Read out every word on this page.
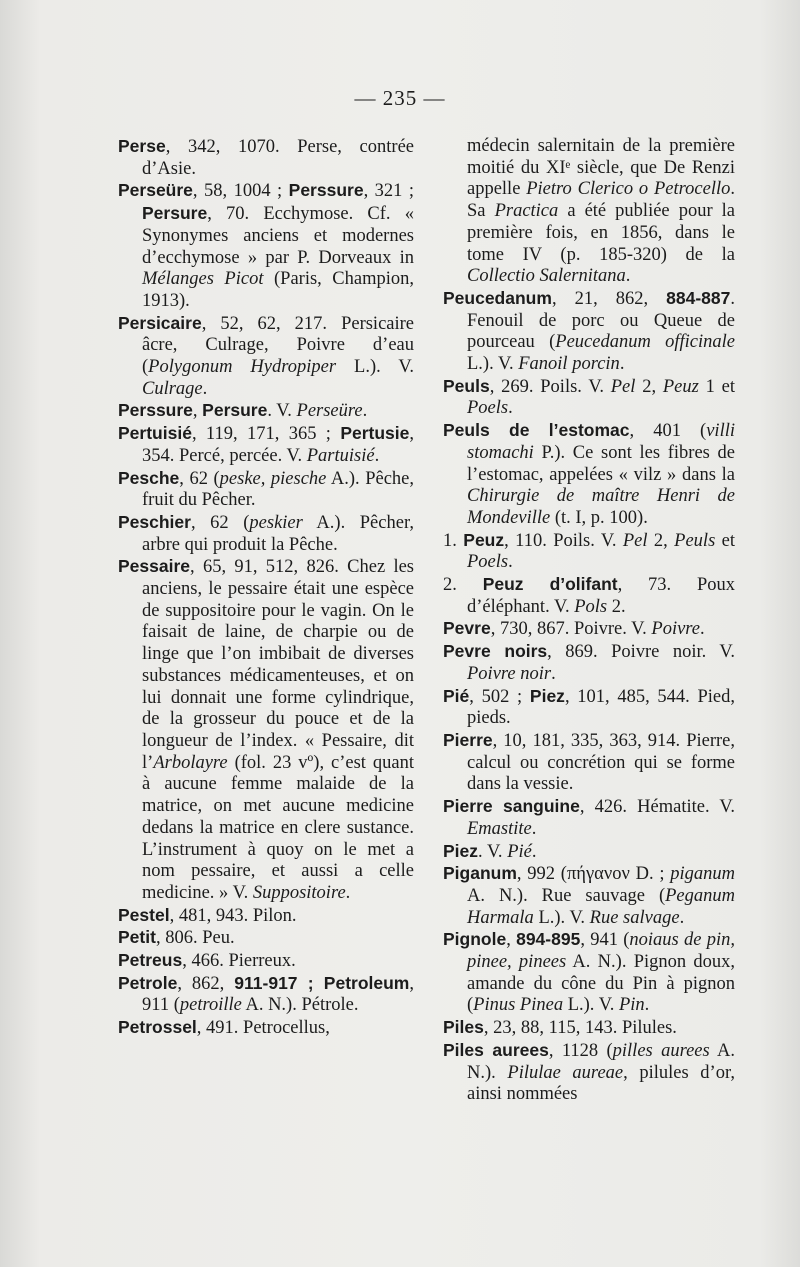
— 235 —

Perse, 342, 1070. Perse, contrée d’Asie.

Perseüre, 58, 1004 ; Perssure, 321 ; Persure, 70. Ecchymose. Cf. « Synonymes anciens et modernes d’ecchymose » par P. Dorveaux in Mélanges Picot (Paris, Champion, 1913).

Persicaire, 52, 62, 217. Persicaire âcre, Culrage, Poivre d’eau (Polygonum Hydropiper L.). V. Culrage.

Perssure, Persure. V. Perseüre.

Pertuisié, 119, 171, 365 ; Pertusie, 354. Percé, percée. V. Partuisié.

Pesche, 62 (peske, piesche A.). Pêche, fruit du Pêcher.

Peschier, 62 (peskier A.). Pêcher, arbre qui produit la Pêche.

Pessaire, 65, 91, 512, 826. Chez les anciens, le pessaire était une espèce de suppositoire pour le vagin. On le faisait de laine, de charpie ou de linge que l’on imbibait de diverses substances médicamenteuses, et on lui donnait une forme cylindrique, de la grosseur du pouce et de la longueur de l’index. « Pessaire, dit l’Arbolayre (fol. 23 vº), c’est quant à aucune femme malaide de la matrice, on met aucune medicine dedans la matrice en clere sustance. L’instrument à quoy on le met a nom pessaire, et aussi a celle medicine. » V. Suppositoire.

Pestel, 481, 943. Pilon.

Petit, 806. Peu.

Petreus, 466. Pierreux.

Petrole, 862, 911-917 ; Petroleum, 911 (petroille A. N.). Pétrole.

Petrossel, 491. Petrocellus,

médecin salernitain de la première moitié du XIᵉ siècle, que De Renzi appelle Pietro Clerico o Petrocello. Sa Practica a été publiée pour la première fois, en 1856, dans le tome IV (p. 185-320) de la Collectio Salernitana.

Peucedanum, 21, 862, 884-887. Fenouil de porc ou Queue de pourceau (Peucedanum officinale L.). V. Fanoil porcin.

Peuls, 269. Poils. V. Pel 2, Peuz 1 et Poels.

Peuls de l’estomac, 401 (villi stomachi P.). Ce sont les fibres de l’estomac, appelées « vilz » dans la Chirurgie de maître Henri de Mondeville (t. I, p. 100).

1. Peuz, 110. Poils. V. Pel 2, Peuls et Poels.

2. Peuz d’olifant, 73. Poux d’éléphant. V. Pols 2.

Pevre, 730, 867. Poivre. V. Poivre.

Pevre noirs, 869. Poivre noir. V. Poivre noir.

Pié, 502 ; Piez, 101, 485, 544. Pied, pieds.

Pierre, 10, 181, 335, 363, 914. Pierre, calcul ou concrétion qui se forme dans la vessie.

Pierre sanguine, 426. Hématite. V. Emastite.

Piez. V. Pié.

Piganum, 992 (πήγανον D. ; piganum A. N.). Rue sauvage (Peganum Harmala L.). V. Rue salvage.

Pignole, 894-895, 941 (noiaus de pin, pinee, pinees A. N.). Pignon doux, amande du cône du Pin à pignon (Pinus Pinea L.). V. Pin.

Piles, 23, 88, 115, 143. Pilules.

Piles aurees, 1128 (pilles aurees A. N.). Pilulae aureae, pilules d’or, ainsi nommées
